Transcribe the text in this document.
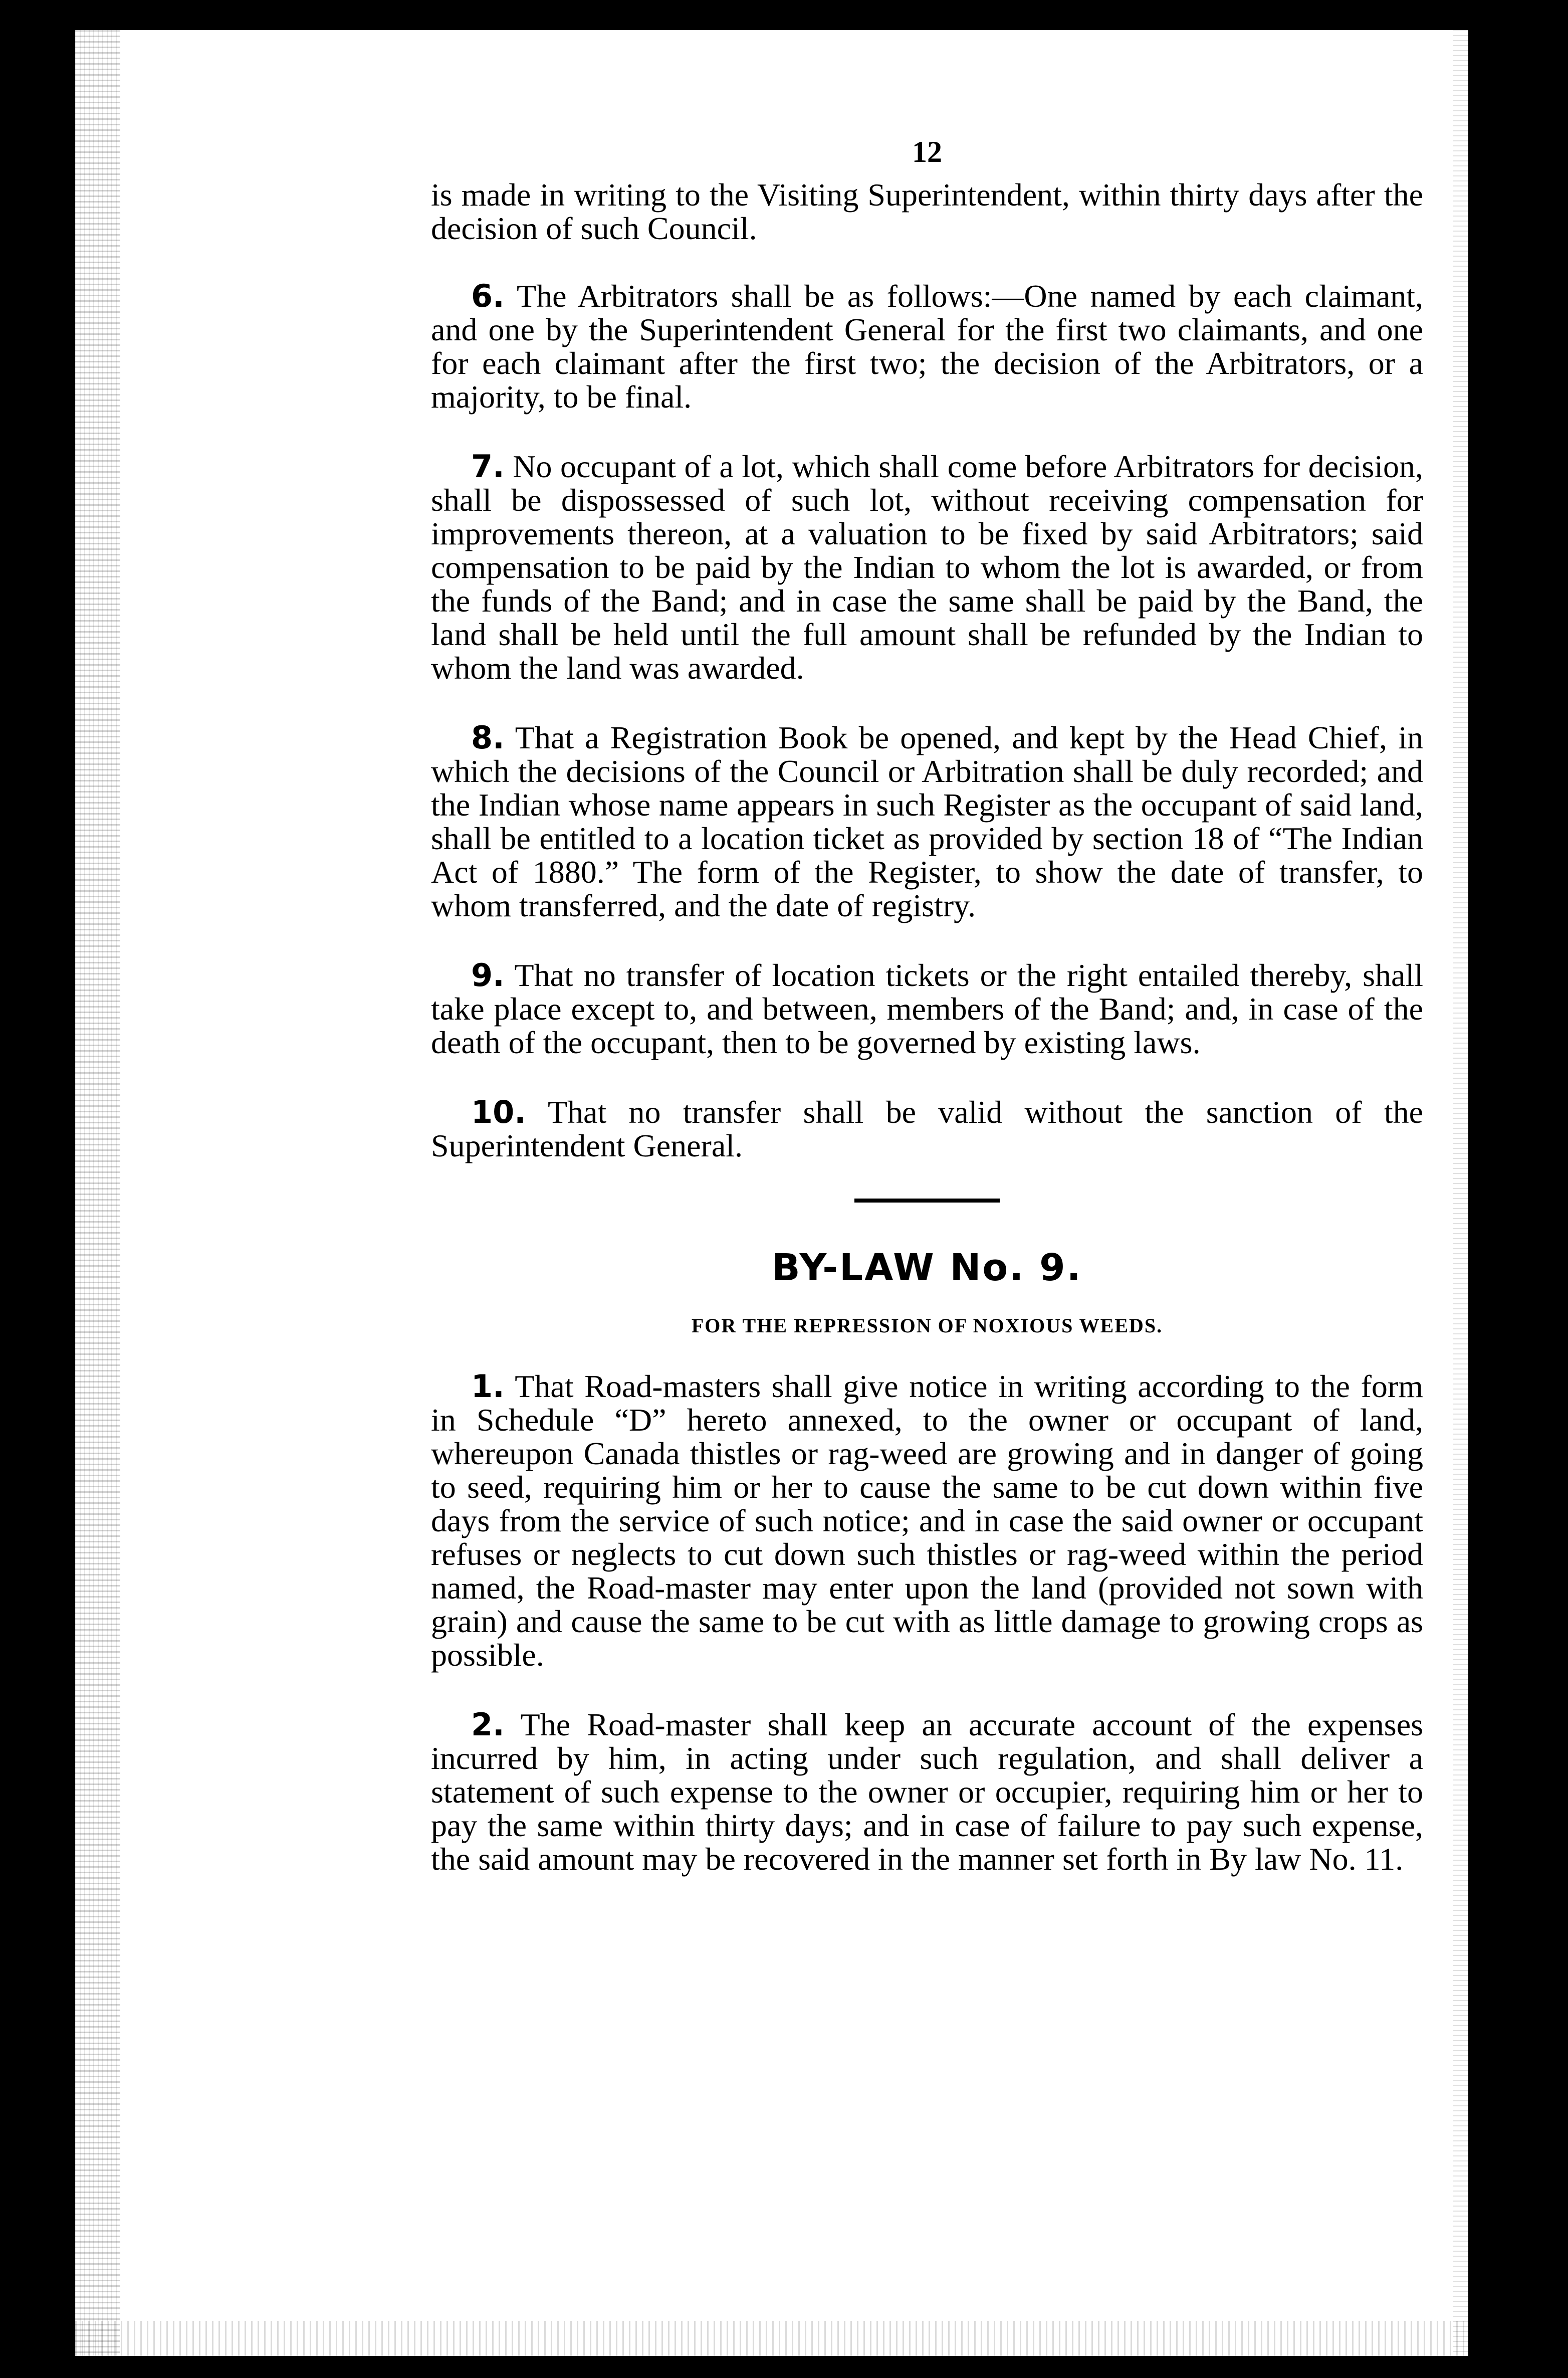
12

is made in writing to the Visiting Superintendent, within thirty days after the decision of such Council.

6. The Arbitrators shall be as follows:—One named by each claimant, and one by the Superintendent General for the first two claimants, and one for each claimant after the first two; the decision of the Arbitrators, or a majority, to be final.

7. No occupant of a lot, which shall come before Arbitrators for decision, shall be dispossessed of such lot, without receiving compensation for improvements thereon, at a valuation to be fixed by said Arbitrators; said compensation to be paid by the Indian to whom the lot is awarded, or from the funds of the Band; and in case the same shall be paid by the Band, the land shall be held until the full amount shall be refunded by the Indian to whom the land was awarded.

8. That a Registration Book be opened, and kept by the Head Chief, in which the decisions of the Council or Arbitration shall be duly recorded; and the Indian whose name appears in such Register as the occupant of said land, shall be entitled to a location ticket as provided by section 18 of “The Indian Act of 1880.” The form of the Register, to show the date of transfer, to whom transferred, and the date of registry.

9. That no transfer of location tickets or the right entailed thereby, shall take place except to, and between, members of the Band; and, in case of the death of the occupant, then to be governed by existing laws.

10. That no transfer shall be valid without the sanction of the Superintendent General.

BY-LAW No. 9.
FOR THE REPRESSION OF NOXIOUS WEEDS.

1. That Road-masters shall give notice in writing according to the form in Schedule “D” hereto annexed, to the owner or occupant of land, whereupon Canada thistles or rag-weed are growing and in danger of going to seed, requiring him or her to cause the same to be cut down within five days from the service of such notice; and in case the said owner or occupant refuses or neglects to cut down such thistles or rag-weed within the period named, the Road-master may enter upon the land (provided not sown with grain) and cause the same to be cut with as little damage to growing crops as possible.

2. The Road-master shall keep an accurate account of the expenses incurred by him, in acting under such regulation, and shall deliver a statement of such expense to the owner or occupier, requiring him or her to pay the same within thirty days; and in case of failure to pay such expense, the said amount may be recovered in the manner set forth in By law No. 11.
